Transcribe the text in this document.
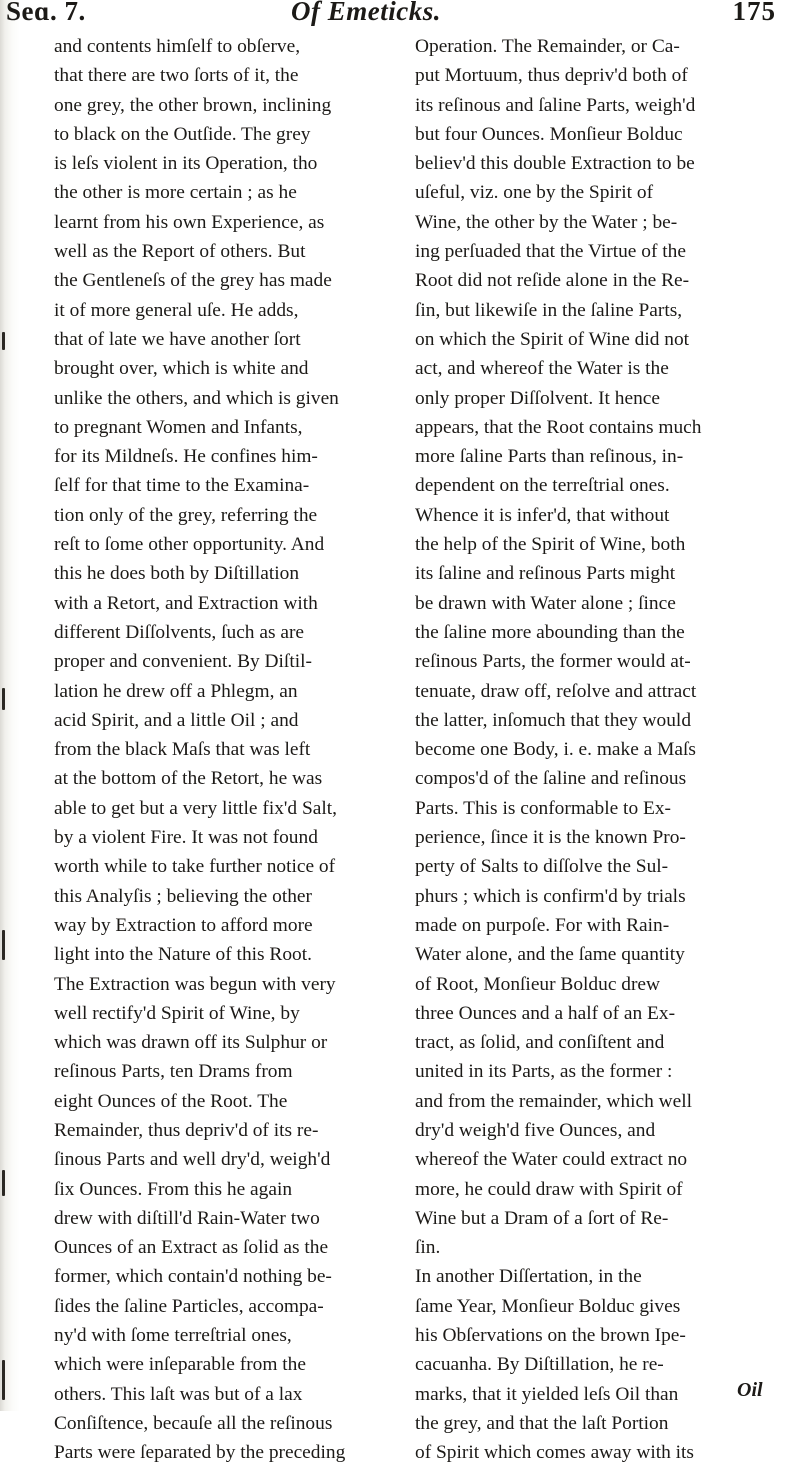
Seɑ. 7.	Of Emeticks.	175
and contents himſelf to obſerve,
that there are two ſorts of it, the
one grey, the other brown, inclining
to black on the Outſide. The grey
is leſs violent in its Operation, tho
the other is more certain ; as he
learnt from his own Experience, as
well as the Report of others. But
the Gentleneſs of the grey has made
it of more general uſe. He adds,
that of late we have another ſort
brought over, which is white and
unlike the others, and which is given
to pregnant Women and Infants,
for its Mildneſs. He confines him-
ſelf for that time to the Examina-
tion only of the grey, referring the
reſt to ſome other opportunity. And
this he does both by Diſtillation
with a Retort, and Extraction with
different Diſſolvents, ſuch as are
proper and convenient. By Diſtil-
lation he drew off a Phlegm, an
acid Spirit, and a little Oil ; and
from the black Maſs that was left
at the bottom of the Retort, he was
able to get but a very little fix'd Salt,
by a violent Fire. It was not found
worth while to take further notice of
this Analyſis ; believing the other
way by Extraction to afford more
light into the Nature of this Root.
The Extraction was begun with very
well rectify'd Spirit of Wine, by
which was drawn off its Sulphur or
reſinous Parts, ten Drams from
eight Ounces of the Root. The
Remainder, thus depriv'd of its re-
ſinous Parts and well dry'd, weigh'd
ſix Ounces. From this he again
drew with diſtill'd Rain-Water two
Ounces of an Extract as ſolid as the
former, which contain'd nothing be-
ſides the ſaline Particles, accompa-
ny'd with ſome terreſtrial ones,
which were inſeparable from the
others. This laſt was but of a lax
Conſiſtence, becauſe all the reſinous
Parts were ſeparated by the preceding
Operation. The Remainder, or Ca-
put Mortuum, thus depriv'd both of
its reſinous and ſaline Parts, weigh'd
but four Ounces. Monſieur Bolduc
believ'd this double Extraction to be
uſeful, viz. one by the Spirit of
Wine, the other by the Water ; be-
ing perſuaded that the Virtue of the
Root did not reſide alone in the Re-
ſin, but likewiſe in the ſaline Parts,
on which the Spirit of Wine did not
act, and whereof the Water is the
only proper Diſſolvent. It hence
appears, that the Root contains much
more ſaline Parts than reſinous, in-
dependent on the terreſtrial ones.
Whence it is infer'd, that without
the help of the Spirit of Wine, both
its ſaline and reſinous Parts might
be drawn with Water alone ; ſince
the ſaline more abounding than the
reſinous Parts, the former would at-
tenuate, draw off, reſolve and attract
the latter, inſomuch that they would
become one Body, i. e. make a Maſs
compos'd of the ſaline and reſinous
Parts. This is conformable to Ex-
perience, ſince it is the known Pro-
perty of Salts to diſſolve the Sul-
phurs ; which is confirm'd by trials
made on purpoſe. For with Rain-
Water alone, and the ſame quantity
of Root, Monſieur Bolduc drew
three Ounces and a half of an Ex-
tract, as ſolid, and conſiſtent and
united in its Parts, as the former :
and from the remainder, which well
dry'd weigh'd five Ounces, and
whereof the Water could extract no
more, he could draw with Spirit of
Wine but a Dram of a ſort of Re-
ſin.
In another Diſſertation, in the
ſame Year, Monſieur Bolduc gives
his Obſervations on the brown Ipe-
cacuanha. By Diſtillation, he re-
marks, that it yielded leſs Oil than
the grey, and that the laſt Portion
of Spirit which comes away with its
Oil
